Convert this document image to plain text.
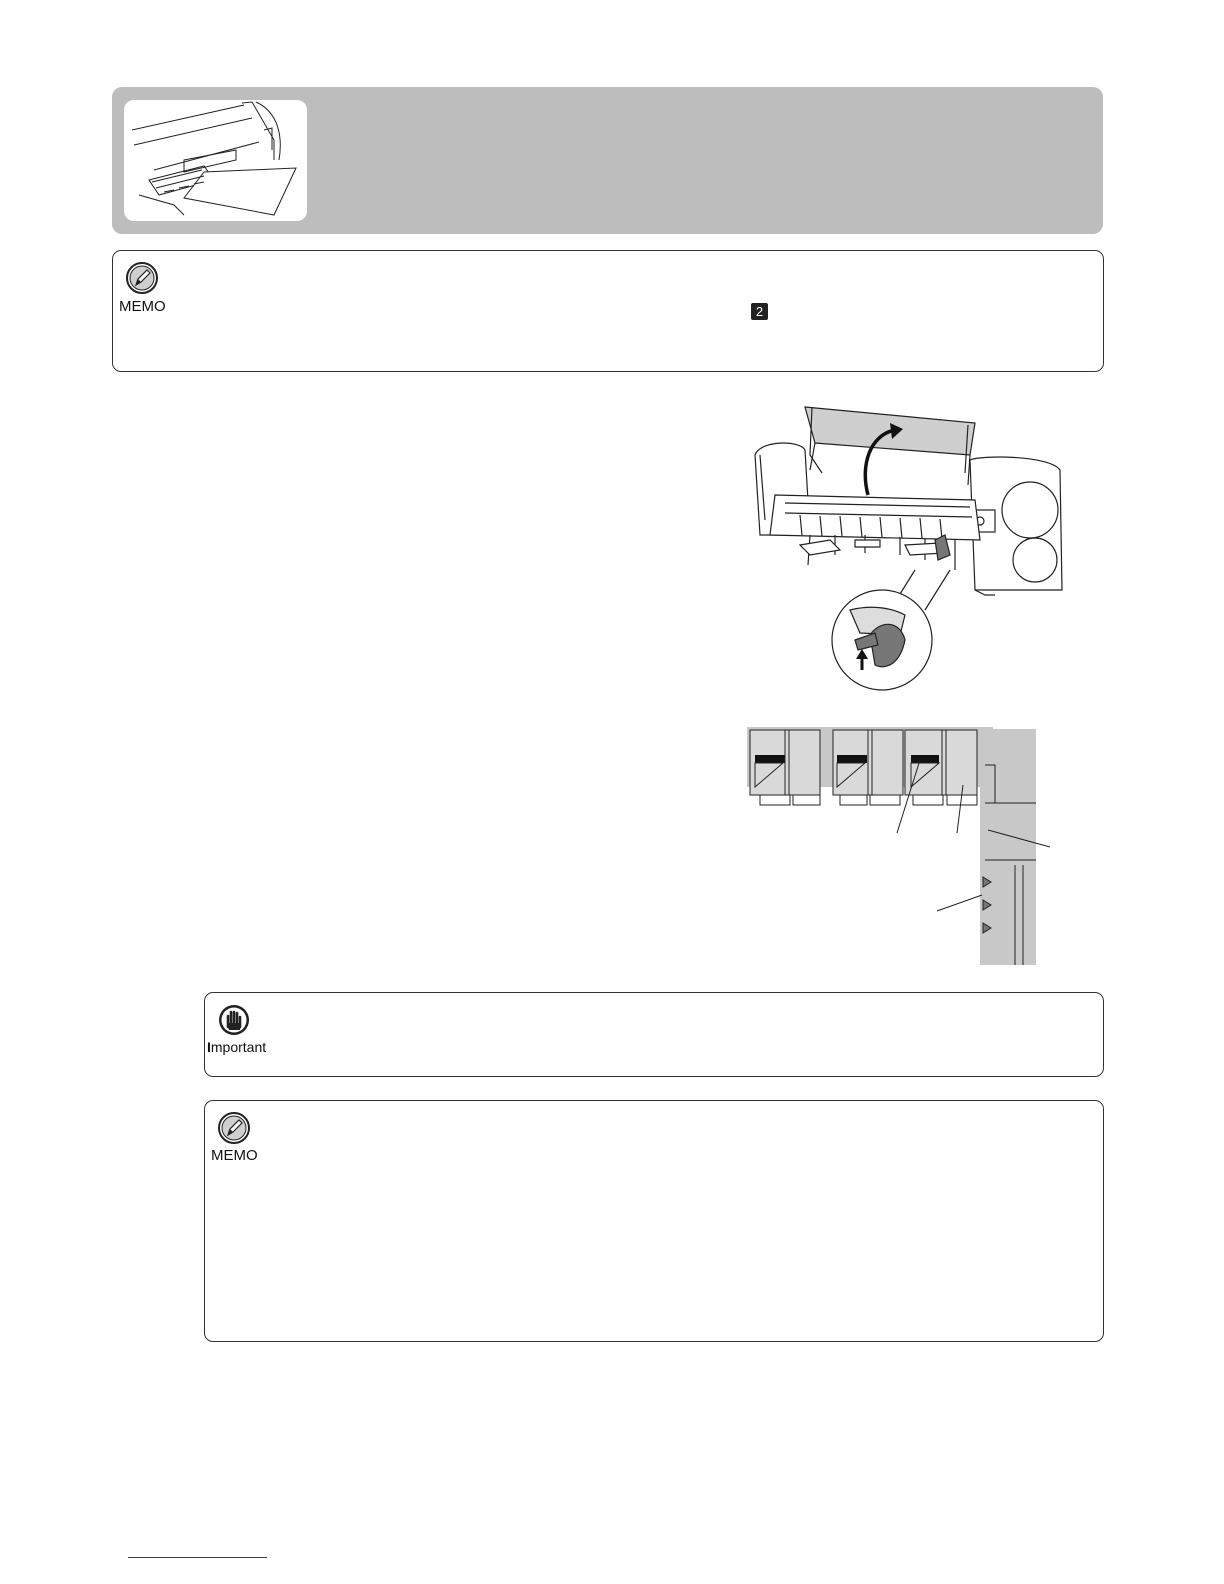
MEMO	2
Important
MEMO
